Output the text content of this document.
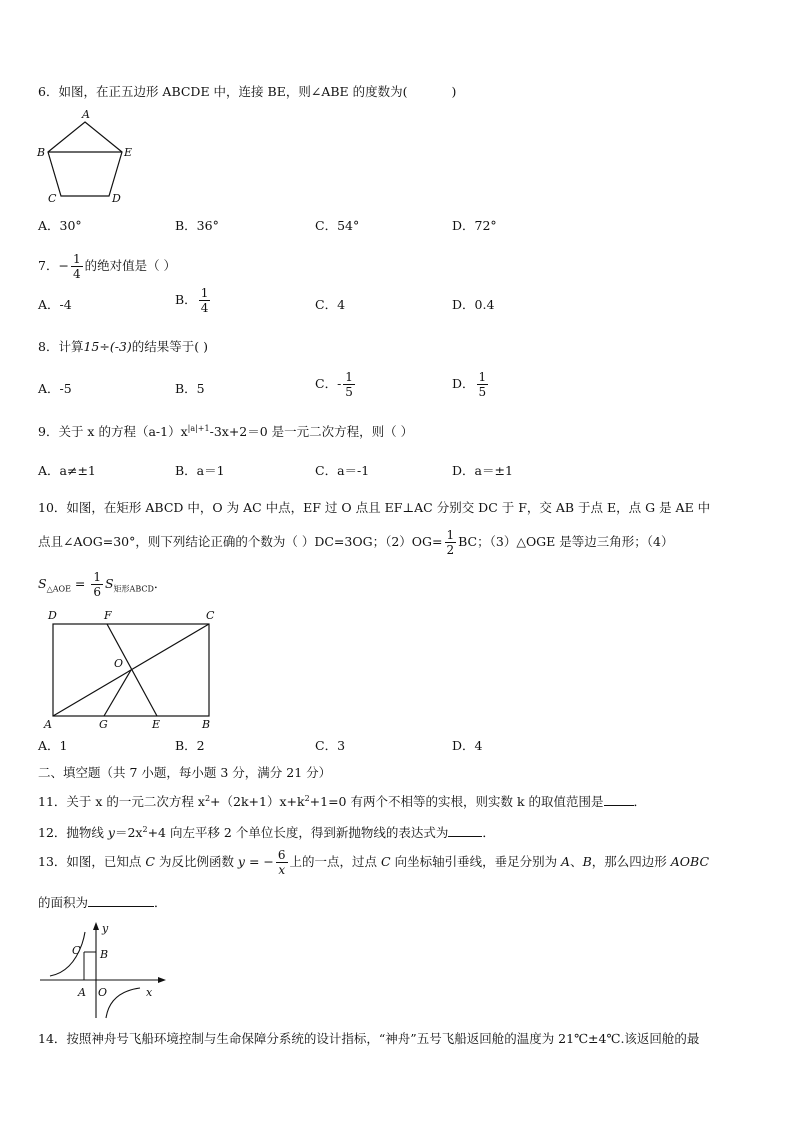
6．如图，在正五边形 ABCDE 中，连接 BE，则∠ABE 的度数为(	)
A
B	E
C	D
A．30°	B．36°	C．54°	D．72°
7．− $\frac{1}{4}$ 的绝对值是（ ）
A．-4	B． $\frac{1}{4}$	C．4	D．0.4
8．计算15÷(-3)的结果等于( )
A．-5	B．5	C．- $\frac{1}{5}$	D． $\frac{1}{5}$
9．关于 x 的方程$(a-1)x^{|a|+1}-3x+2=0$ 是一元二次方程，则（ ）
A．a≠±1	B．a＝1	C．a＝-1	D．a＝±1
10．如图，在矩形 ABCD 中，O 为 AC 中点，EF 过 O 点且 EF⊥AC 分别交 DC 于 F，交 AB 于点 E，点 G 是 AE 中
点且∠AOG=30°，则下列结论正确的个数为（ ）DC=3OG；$(2)OG= \frac{1}{2}$ BC；（3）△OGE 是等边三角形；（4）
$S_{\triangle AOE} = \frac{1}{6} S_{矩形ABCD}$．
D	F	C
O
A	G	E	B
A．1	B．2	C．3	D．4
二、填空题（共 7 小题，每小题 3 分，满分 21 分）
11．关于 x 的一元二次方程 $x^2+(2k+1)x+k^2+1=0$ 有两个不相等的实根，则实数 k 的取值范围是 ．
12．抛物线 $y=2x^2+4$ 向左平移 2 个单位长度，得到新抛物线的表达式为	．
13．如图，已知点 C 为反比例函数 y = − $\frac{6}{x}$ 上的一点，过点 C 向坐标轴引垂线，垂足分别为 A、B，那么四边形 AOBC
的面积为	．
y
x
C B
A O
14．按照神舟号飞船环境控制与生命保障分系统的设计指标，“神舟”五号飞船返回舱的温度为 21℃±4℃.该返回舱的最
